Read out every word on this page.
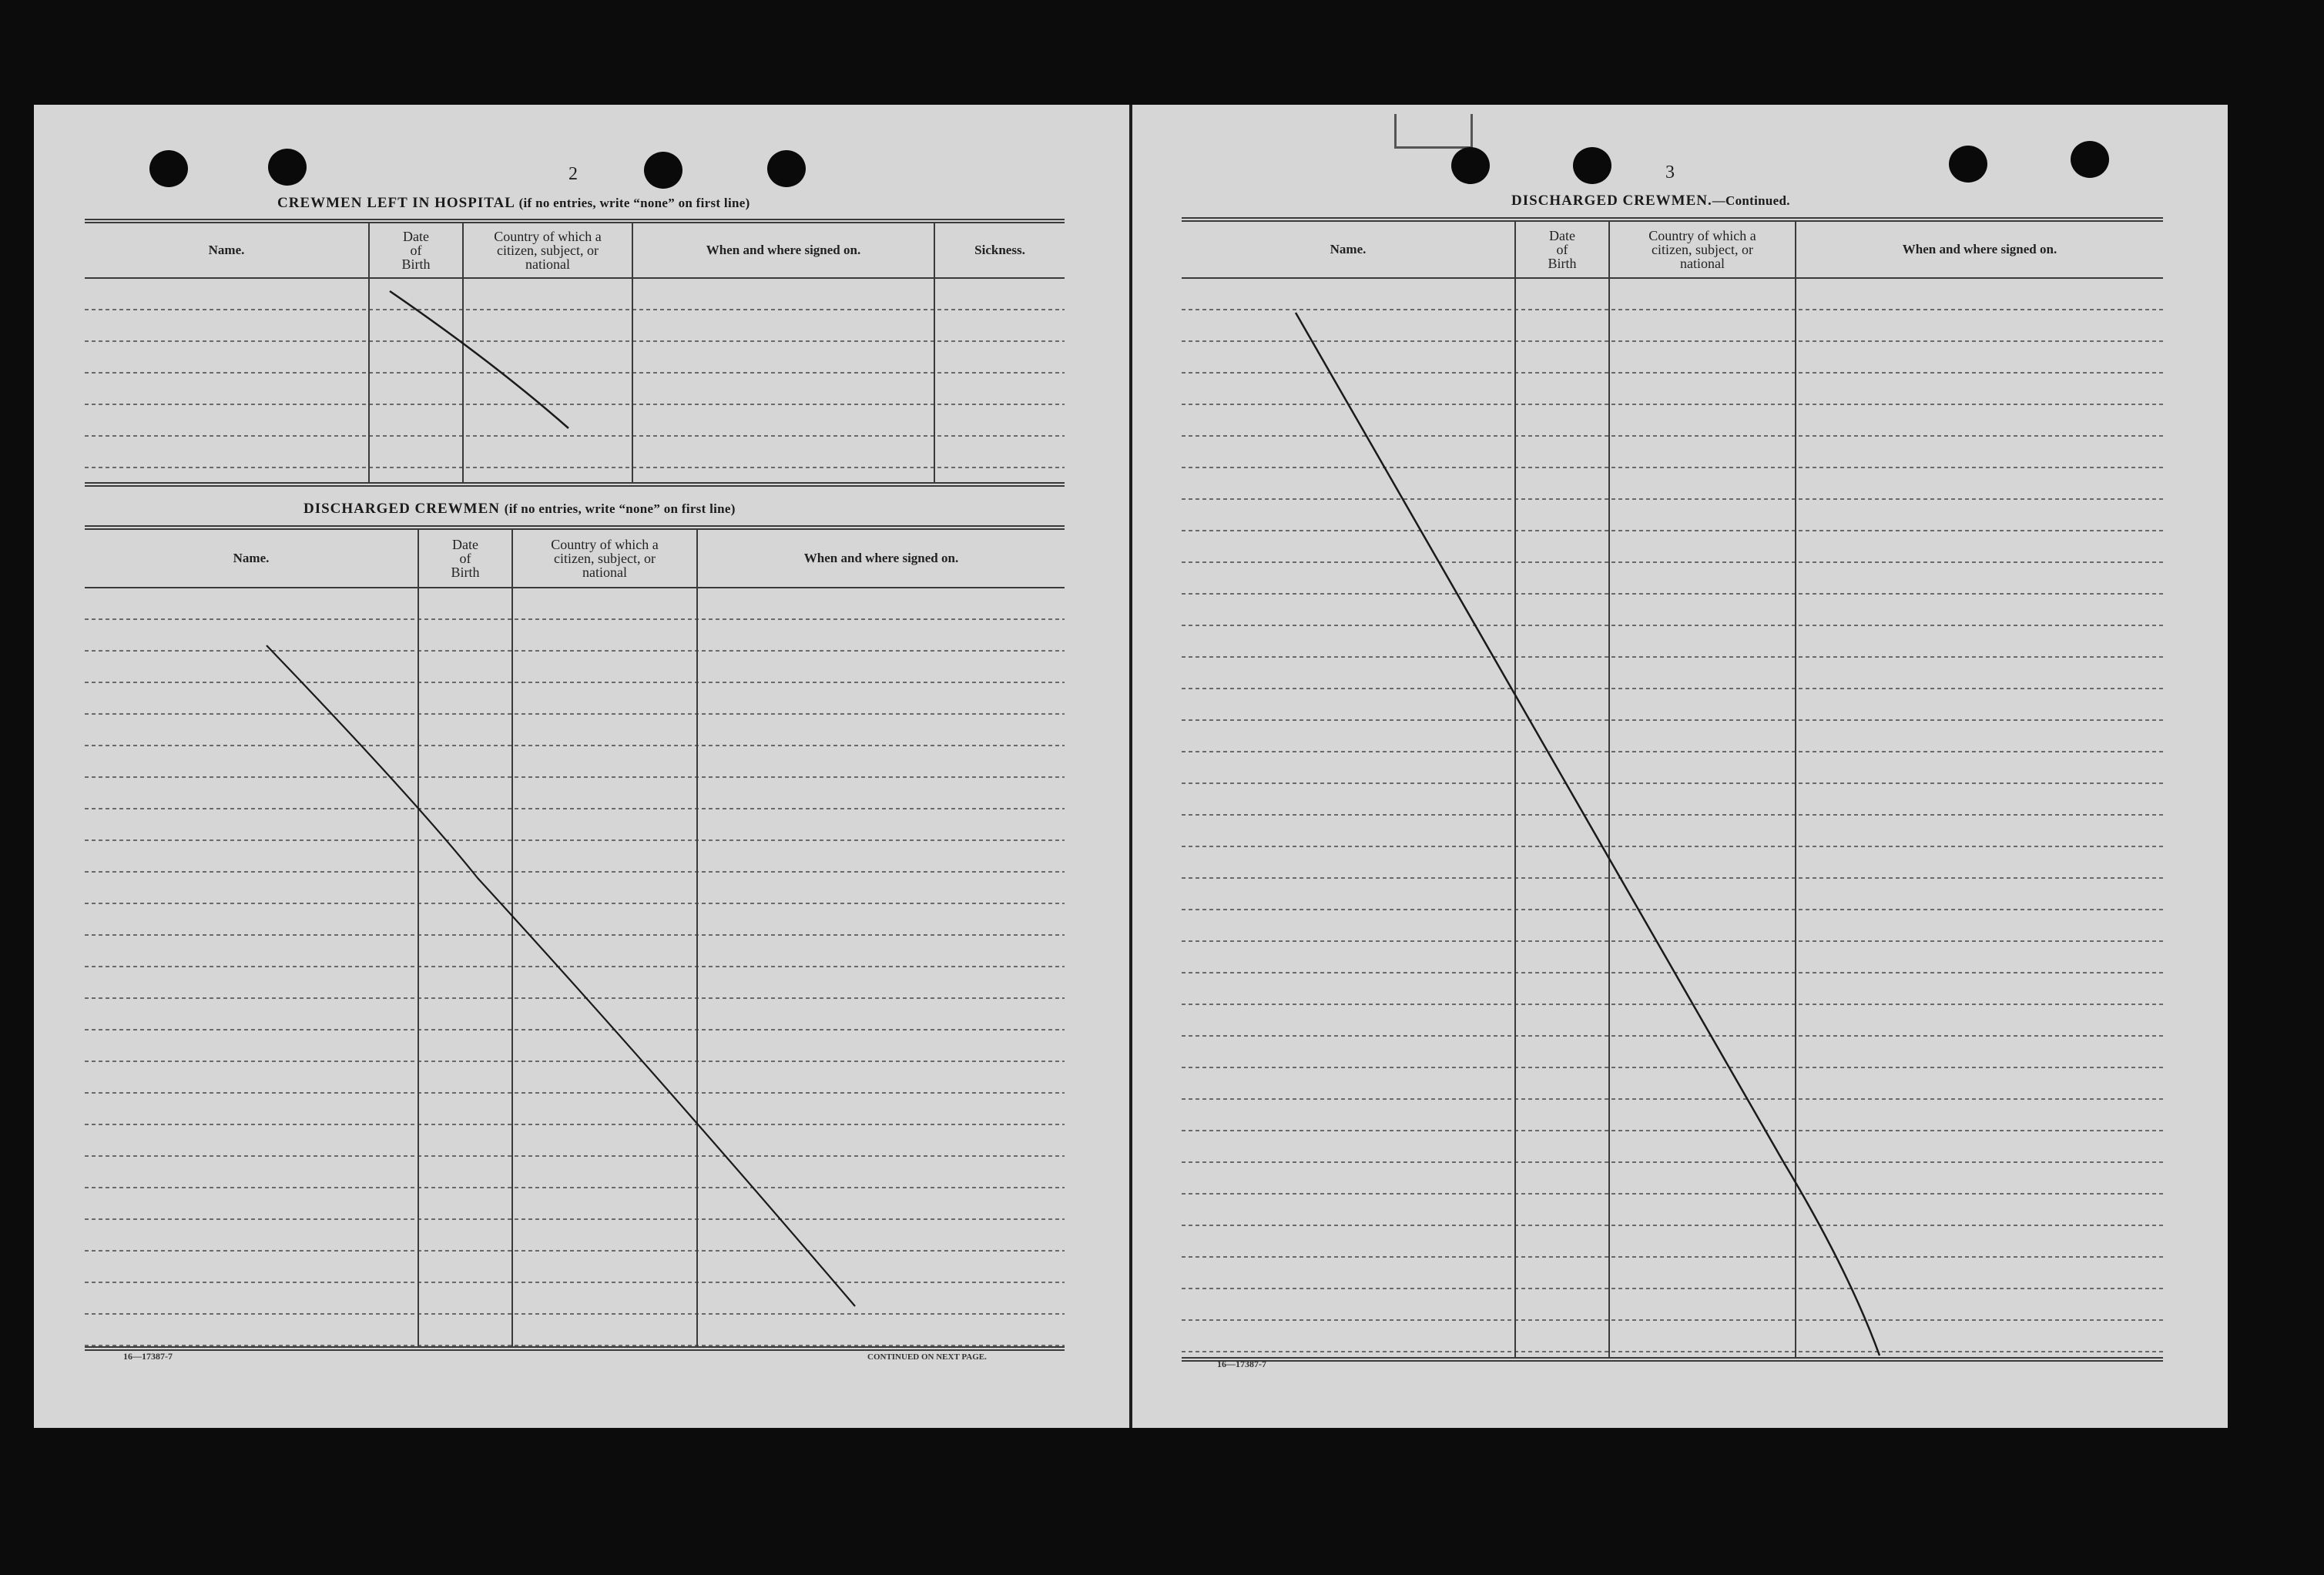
2
CREWMEN LEFT IN HOSPITAL (if no entries, write “none” on first line)
Name.
Date
of
Birth
Country of which a
citizen, subject, or
national
When and where signed on.	Sickness.
DISCHARGED CREWMEN (if no entries, write “none” on first line)
Name.
Date
of
Birth
Country of which a
citizen, subject, or
national
When and where signed on.
16—17387-7	CONTINUED ON NEXT PAGE.
3
DISCHARGED CREWMEN.—Continued.
Name.
Date
of
Birth
Country of which a
citizen, subject, or
national
When and where signed on.
16—17387-7
